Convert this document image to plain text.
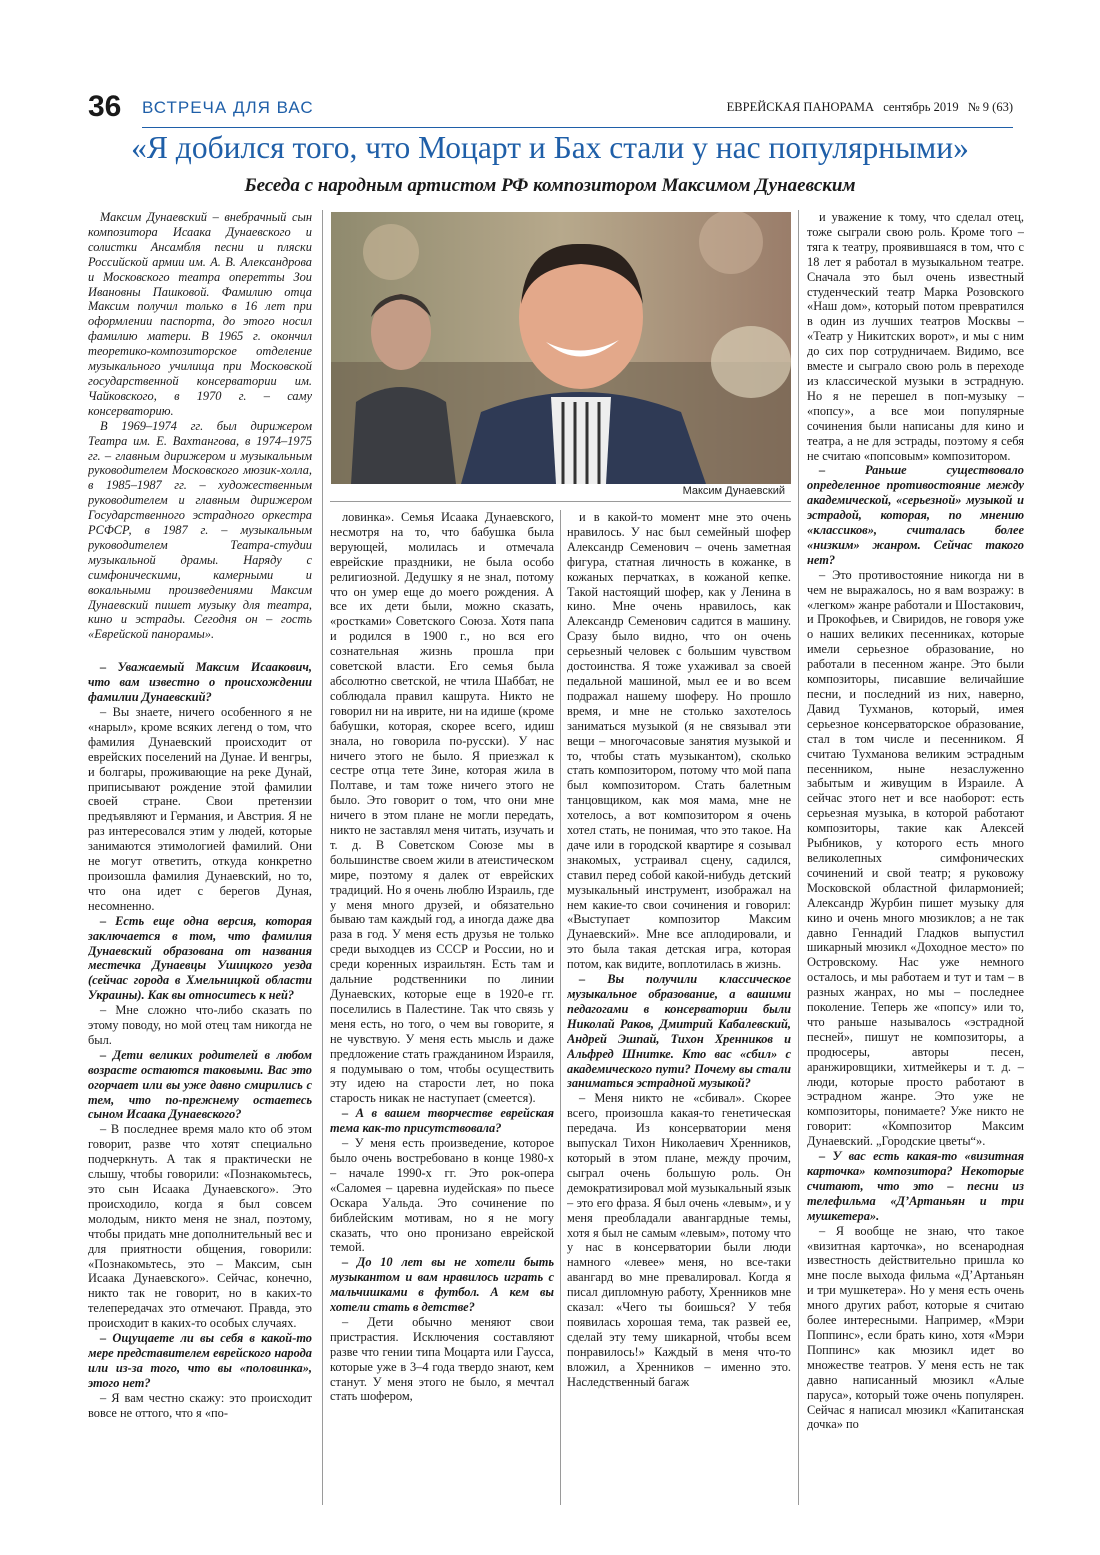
36 ВСТРЕЧА ДЛЯ ВАС	ЕВРЕЙСКАЯ ПАНОРАМА сентябрь 2019 № 9 (63)
«Я добился того, что Моцарт и Бах стали у нас популярными»
Беседа с народным артистом РФ композитором Максимом Дунаевским

Максим Дунаевский – внебрачный сын композитора Исаака Дунаевского и солистки Ансамбля песни и пляски Российской армии им. А. В. Александрова и Московского театра оперетты Зои Ивановны Пашковой. Фамилию отца Максим получил только в 16 лет при оформлении паспорта, до этого носил фамилию матери. В 1965 г. окончил теоретико-композиторское отделение музыкального училища при Московской государственной консерватории им. Чайковского, в 1970 г. – саму консерваторию.

В 1969–1974 гг. был дирижером Театра им. Е. Вахтангова, в 1974–1975 гг. – главным дирижером и музыкальным руководителем Московского мюзик-холла, в 1985–1987 гг. – художественным руководителем и главным дирижером Государственного эстрадного оркестра РСФСР, в 1987 г. – музыкальным руководителем Театра-студии музыкальной драмы. Наряду с симфоническими, камерными и вокальными произведениями Максим Дунаевский пишет музыку для театра, кино и эстрады. Сегодня он – гость «Еврейской панорамы».

– Уважаемый Максим Исаакович, что вам известно о происхождении фамилии Дунаевский?

– Вы знаете, ничего особенного я не «нарыл», кроме всяких легенд о том, что фамилия Дунаевский происходит от еврейских поселений на Дунае. И венгры, и болгары, проживающие на реке Дунай, приписывают рождение этой фамилии своей стране. Свои претензии предъявляют и Германия, и Австрия. Я не раз интересовался этим у людей, которые занимаются этимологией фамилий. Они не могут ответить, откуда конкретно произошла фамилия Дунаевский, но то, что она идет с берегов Дуная, несомненно.

– Есть еще одна версия, которая заключается в том, что фамилия Дунаевский образована от названия местечка Дунаевцы Ушицкого уезда (сейчас города в Хмельницкой области Украины). Как вы относитесь к ней?

– Мне сложно что-либо сказать по этому поводу, но мой отец там никогда не был.

– Дети великих родителей в любом возрасте остаются таковыми. Вас это огорчает или вы уже давно смирились с тем, что по-прежнему остаетесь сыном Исаака Дунаевского?

– В последнее время мало кто об этом говорит, разве что хотят специально подчеркнуть. А так я практически не слышу, чтобы говорили: «Познакомьтесь, это сын Исаака Дунаевского». Это происходило, когда я был совсем молодым, никто меня не знал, поэтому, чтобы придать мне дополнительный вес и для приятности общения, говорили: «Познакомьтесь, это – Максим, сын Исаака Дунаевского». Сейчас, конечно, никто так не говорит, но в каких-то телепередачах это отмечают. Правда, это происходит в каких-то особых случаях.

– Ощущаете ли вы себя в какой-то мере представителем еврейского народа или из-за того, что вы «половинка», этого нет?

– Я вам честно скажу: это происходит вовсе не оттого, что я «по-

Максим Дунаевский

ловинка». Семья Исаака Дунаевского, несмотря на то, что бабушка была верующей, молилась и отмечала еврейские праздники, не была особо религиозной. Дедушку я не знал, потому что он умер еще до моего рождения. А все их дети были, можно сказать, «ростками» Советского Союза. Хотя папа и родился в 1900 г., но вся его сознательная жизнь прошла при советской власти. Его семья была абсолютно светской, не чтила Шаббат, не соблюдала правил кашрута. Никто не говорил ни на иврите, ни на идише (кроме бабушки, которая, скорее всего, идиш знала, но говорила по-русски). У нас ничего этого не было. Я приезжал к сестре отца тете Зине, которая жила в Полтаве, и там тоже ничего этого не было. Это говорит о том, что они мне ничего в этом плане не могли передать, никто не заставлял меня читать, изучать и т. д. В Советском Союзе мы в большинстве своем жили в атеистическом мире, поэтому я далек от еврейских традиций. Но я очень люблю Израиль, где у меня много друзей, и обязательно бываю там каждый год, а иногда даже два раза в год. У меня есть друзья не только среди выходцев из СССР и России, но и среди коренных израильтян. Есть там и дальние родственники по линии Дунаевских, которые еще в 1920-е гг. поселились в Палестине. Так что связь у меня есть, но того, о чем вы говорите, я не чувствую. У меня есть мысль и даже предложение стать гражданином Израиля, я подумываю о том, чтобы осуществить эту идею на старости лет, но пока старость никак не наступает (смеется).

– А в вашем творчестве еврейская тема как-то присутствовала?

– У меня есть произведение, которое было очень востребовано в конце 1980-х – начале 1990-х гг. Это рок-опера «Саломея – царевна иудейская» по пьесе Оскара Уальда. Это сочинение по библейским мотивам, но я не могу сказать, что оно пронизано еврейской темой.

– До 10 лет вы не хотели быть музыкантом и вам нравилось играть с мальчишками в футбол. А кем вы хотели стать в детстве?

– Дети обычно меняют свои пристрастия. Исключения составляют разве что гении типа Моцарта или Гаусса, которые уже в 3–4 года твердо знают, кем станут. У меня этого не было, я мечтал стать шофером,

и в какой-то момент мне это очень нравилось. У нас был семейный шофер Александр Семенович – очень заметная фигура, статная личность в кожанке, в кожаных перчатках, в кожаной кепке. Такой настоящий шофер, как у Ленина в кино. Мне очень нравилось, как Александр Семенович садится в машину. Сразу было видно, что он очень серьезный человек с большим чувством достоинства. Я тоже ухаживал за своей педальной машиной, мыл ее и во всем подражал нашему шоферу. Но прошло время, и мне не столько захотелось заниматься музыкой (я не связывал эти вещи – многочасовые занятия музыкой и то, чтобы стать музыкантом), сколько стать композитором, потому что мой папа был композитором. Стать балетным танцовщиком, как моя мама, мне не хотелось, а вот композитором я очень хотел стать, не понимая, что это такое. На даче или в городской квартире я созывал знакомых, устраивал сцену, садился, ставил перед собой какой-нибудь детский музыкальный инструмент, изображал на нем какие-то свои сочинения и говорил: «Выступает композитор Максим Дунаевский». Мне все аплодировали, и это была такая детская игра, которая потом, как видите, воплотилась в жизнь.

– Вы получили классическое музыкальное образование, а вашими педагогами в консерватории были Николай Раков, Дмитрий Кабалевский, Андрей Эшпай, Тихон Хренников и Альфред Шнитке. Кто вас «сбил» с академического пути? Почему вы стали заниматься эстрадной музыкой?

– Меня никто не «сбивал». Скорее всего, произошла какая-то генетическая передача. Из консерватории меня выпускал Тихон Николаевич Хренников, который в этом плане, между прочим, сыграл очень большую роль. Он демократизировал мой музыкальный язык – это его фраза. Я был очень «левым», и у меня преобладали авангардные темы, хотя я был не самым «левым», потому что у нас в консерватории были люди намного «левее» меня, но все-таки авангард во мне превалировал. Когда я писал дипломную работу, Хренников мне сказал: «Чего ты боишься? У тебя появилась хорошая тема, так развей ее, сделай эту тему шикарной, чтобы всем понравилось!» Каждый в меня что-то вложил, а Хренников – именно это. Наследственный багаж

и уважение к тому, что сделал отец, тоже сыграли свою роль. Кроме того – тяга к театру, проявившаяся в том, что с 18 лет я работал в музыкальном театре. Сначала это был очень известный студенческий театр Марка Розовского «Наш дом», который потом превратился в один из лучших театров Москвы – «Театр у Никитских ворот», и мы с ним до сих пор сотрудничаем. Видимо, все вместе и сыграло свою роль в переходе из классической музыки в эстрадную. Но я не перешел в поп-музыку – «попсу», а все мои популярные сочинения были написаны для кино и театра, а не для эстрады, поэтому я себя не считаю «попсовым» композитором.

– Раньше существовало определенное противостояние между академической, «серьезной» музыкой и эстрадой, которая, по мнению «классиков», считалась более «низким» жанром. Сейчас такого нет?

– Это противостояние никогда ни в чем не выражалось, но я вам возражу: в «легком» жанре работали и Шостакович, и Прокофьев, и Свиридов, не говоря уже о наших великих песенниках, которые имели серьезное образование, но работали в песенном жанре. Это были композиторы, писавшие величайшие песни, и последний из них, наверно, Давид Тухманов, который, имея серьезное консерваторское образование, стал в том числе и песенником. Я считаю Тухманова великим эстрадным песенником, ныне незаслуженно забытым и живущим в Израиле. А сейчас этого нет и все наоборот: есть серьезная музыка, в которой работают композиторы, такие как Алексей Рыбников, у которого есть много великолепных симфонических сочинений и свой театр; я руковожу Московской областной филармонией; Александр Журбин пишет музыку для кино и очень много мюзиклов; а не так давно Геннадий Гладков выпустил шикарный мюзикл «Доходное место» по Островскому. Нас уже немного осталось, и мы работаем и тут и там – в разных жанрах, но мы – последнее поколение. Теперь же «попсу» или то, что раньше называлось «эстрадной песней», пишут не композиторы, а продюсеры, авторы песен, аранжировщики, хитмейкеры и т. д. – люди, которые просто работают в эстрадном жанре. Это уже не композиторы, понимаете? Уже никто не говорит: «Композитор Максим Дунаевский. „Городские цветы“».

– У вас есть какая-то «визитная карточка» композитора? Некоторые считают, что это – песни из телефильма «Д’Артаньян и три мушкетера».

– Я вообще не знаю, что такое «визитная карточка», но всенародная известность действительно пришла ко мне после выхода фильма «Д’Артаньян и три мушкетера». Но у меня есть очень много других работ, которые я считаю более интересными. Например, «Мэри Поппинс», если брать кино, хотя «Мэри Поппинс» как мюзикл идет во множестве театров. У меня есть не так давно написанный мюзикл «Алые паруса», который тоже очень популярен. Сейчас я написал мюзикл «Капитанская дочка» по
